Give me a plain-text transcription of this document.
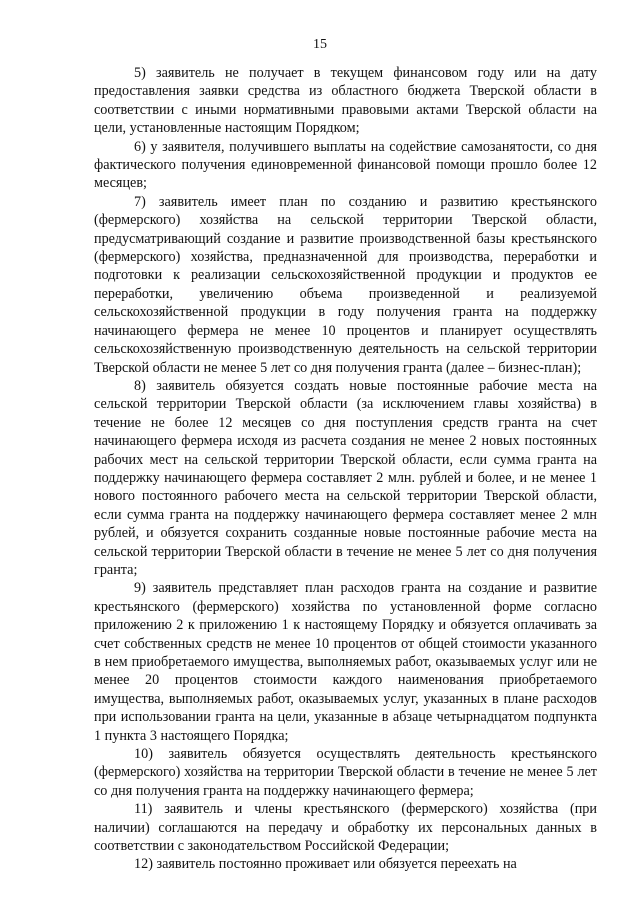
15

5) заявитель не получает в текущем финансовом году или на дату предоставления заявки средства из областного бюджета Тверской области в соответствии с иными нормативными правовыми актами Тверской области на цели, установленные настоящим Порядком;

6) у заявителя, получившего выплаты на содействие самозанятости, со дня фактического получения единовременной финансовой помощи прошло более 12 месяцев;

7) заявитель имеет план по созданию и развитию крестьянского (фермерского) хозяйства на сельской территории Тверской области, предусматривающий создание и развитие производственной базы крестьянского (фермерского) хозяйства, предназначенной для производства, переработки и подготовки к реализации сельскохозяйственной продукции и продуктов ее переработки, увеличению объема произведенной и реализуемой сельскохозяйственной продукции в году получения гранта на поддержку начинающего фермера не менее 10 процентов и планирует осуществлять сельскохозяйственную производственную деятельность на сельской территории Тверской области не менее 5 лет со дня получения гранта (далее – бизнес-план);

8) заявитель обязуется создать новые постоянные рабочие места на сельской территории Тверской области (за исключением главы хозяйства) в течение не более 12 месяцев со дня поступления средств гранта на счет начинающего фермера исходя из расчета создания не менее 2 новых постоянных рабочих мест на сельской территории Тверской области, если сумма гранта на поддержку начинающего фермера составляет 2 млн. рублей и более, и не менее 1 нового постоянного рабочего места на сельской территории Тверской области, если сумма гранта на поддержку начинающего фермера составляет менее 2 млн рублей, и обязуется сохранить созданные новые постоянные рабочие места на сельской территории Тверской области в течение не менее 5 лет со дня получения гранта;

9) заявитель представляет план расходов гранта на создание и развитие крестьянского (фермерского) хозяйства по установленной форме согласно приложению 2 к приложению 1 к настоящему Порядку и обязуется оплачивать за счет собственных средств не менее 10 процентов от общей стоимости указанного в нем приобретаемого имущества, выполняемых работ, оказываемых услуг или не менее 20 процентов стоимости каждого наименования приобретаемого имущества, выполняемых работ, оказываемых услуг, указанных в плане расходов при использовании гранта на цели, указанные в абзаце четырнадцатом подпункта 1 пункта 3 настоящего Порядка;

10) заявитель обязуется осуществлять деятельность крестьянского (фермерского) хозяйства на территории Тверской области в течение не менее 5 лет со дня получения гранта на поддержку начинающего фермера;

11) заявитель и члены крестьянского (фермерского) хозяйства (при наличии) соглашаются на передачу и обработку их персональных данных в соответствии с законодательством Российской Федерации;

12) заявитель постоянно проживает или обязуется переехать на
